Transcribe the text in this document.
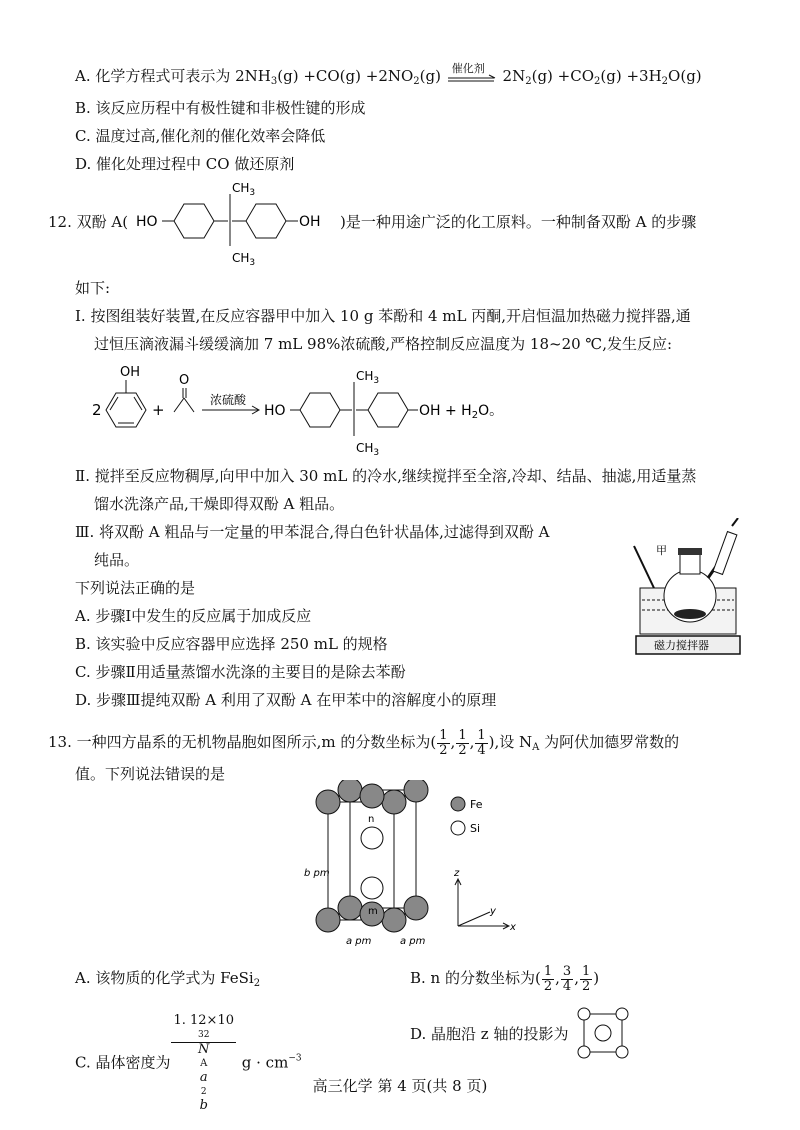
A. 化学方程式可表示为 $2NH_3(g) +CO(g) +2NO_2(g)$ 催化剂 $2N_2(g) +CO_2(g) +3H_2O(g)$
B. 该反应历程中有极性键和非极性键的形成
C. 温度过高,催化剂的催化效率会降低
D. 催化处理过程中 CO 做还原剂
12. 双酚 A( HO	OH
$CH_3$
$CH_3$
)是一种用途广泛的化工原料。一种制备双酚 A 的步骤
如下:
Ⅰ. 按图组装好装置,在反应容器甲中加入 10 g 苯酚和 4 mL 丙酮,开启恒温加热磁力搅拌器,通
过恒压滴液漏斗缓缓滴加 7 mL 98%浓硫酸,严格控制反应温度为 18~20 ℃,发生反应:
2
OH
+
O
浓硫酸
HO
$CH_3$
$CH_3$
OH + $H_2O$。
Ⅱ. 搅拌至反应物稠厚,向甲中加入 30 mL 的冷水,继续搅拌至全溶,冷却、结晶、抽滤,用适量蒸
馏水洗涤产品,干燥即得双酚 A 粗品。
Ⅲ. 将双酚 A 粗品与一定量的甲苯混合,得白色针状晶体,过滤得到双酚 A
纯品。
下列说法正确的是
A. 步骤Ⅰ中发生的反应属于加成反应
B. 该实验中反应容器甲应选择 250 mL 的规格
C. 步骤Ⅱ用适量蒸馏水洗涤的主要目的是除去苯酚
D. 步骤Ⅲ提纯双酚 A 利用了双酚 A 在甲苯中的溶解度小的原理
甲
磁力搅拌器
13. 一种四方晶系的无机物晶胞如图所示,m 的分数坐标为( $\frac{1}{2}$ , $\frac{1}{2}$ , $\frac{1}{4}$ ),设 $N_A$ 为阿伏加德罗常数的
值。下列说法错误的是
n
m
b pm
a pm	a pm
Fe
Si
z
y
x
A. 该物质的化学式为 FeSi$_2$	B. n 的分数坐标为( $\frac{1}{2}$ , $\frac{3}{4}$ , $\frac{1}{2}$ )
C. 晶体密度为 1. 12×10
32
N
A
a
2
b $g \cdot cm^{-3}$
D. 晶胞沿 z 轴的投影为
高三化学 第 4 页(共 8 页)
